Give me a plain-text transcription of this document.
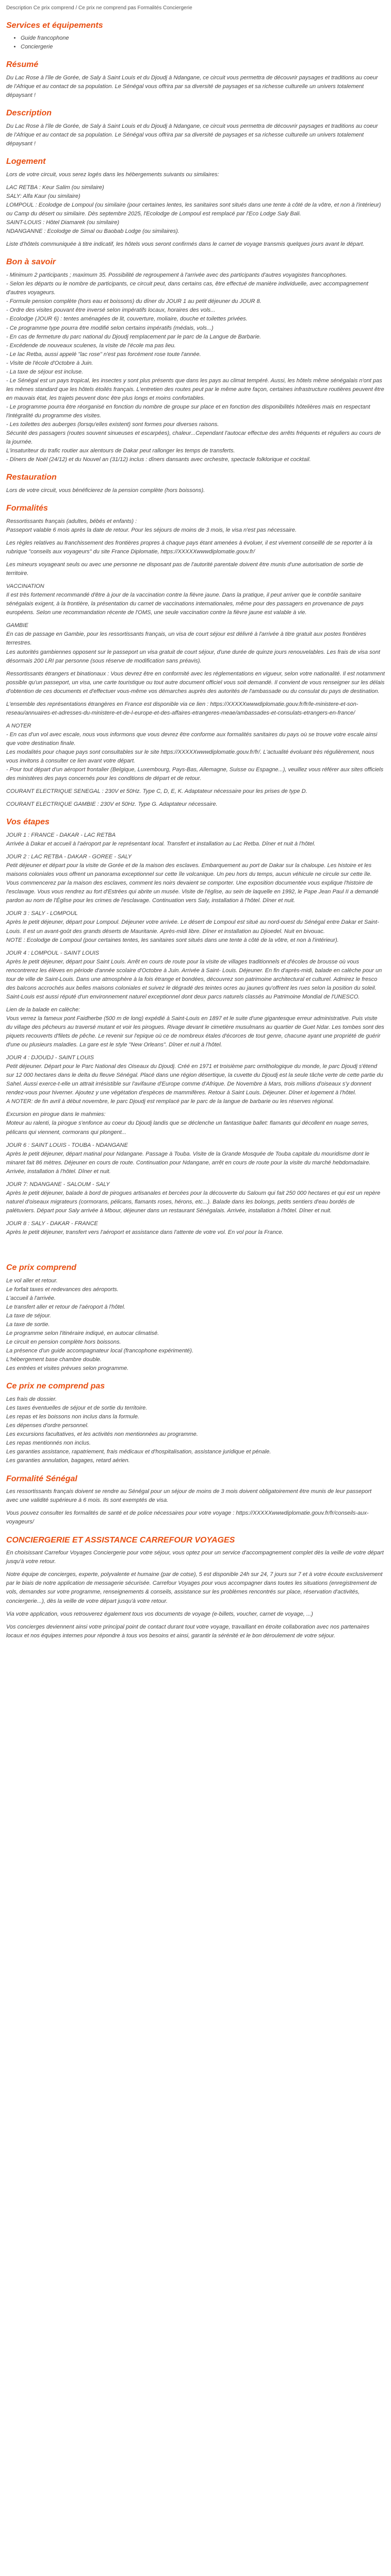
Description Ce prix comprend / Ce prix ne comprend pas Formalités Conciergerie
Services et équipements
• Guide francophone
• Conciergerie
Résumé

Du Lac Rose à l'île de Gorée, de Saly à Saint Louis et du Djoudj à Ndangane, ce circuit vous permettra de découvrir paysages et traditions au coeur de l'Afrique et au contact de sa population. Le Sénégal vous offrira par sa diversité de paysages et sa richesse culturelle un univers totalement dépaysant !

Description

Du Lac Rose à l'île de Gorée, de Saly à Saint Louis et du Djoudj à Ndangane, ce circuit vous permettra de découvrir paysages et traditions au coeur de l'Afrique et au contact de sa population. Le Sénégal vous offrira par sa diversité de paysages et sa richesse culturelle un univers totalement dépaysant !

Logement

Lors de votre circuit, vous serez logés dans les hébergements suivants ou similaires:

LAC RETBA : Keur Salim (ou similaire)
SALY: Alfa Kaur (ou similaire)
LOMPOUL : Ecolodge de Lompoul (ou similaire (pour certaines lentes, les sanitaires sont situés dans une tente à côté de la vôtre, et non à l'intérieur) ou Camp du désert ou similaire. Dès septembre 2025, l'Ecolodge de Lompoul est remplacé par l'Eco Lodge Saly Bali.
SAINT-LOUIS : Hôtel Diamarek (ou similaire)
NDANGANNE : Ecolodge de Simal ou Baobab Lodge (ou similaires).

Liste d'hôtels communiquée à titre indicatif, les hôtels vous seront confirmés dans le carnet de voyage transmis quelques jours avant le départ.

Bon à savoir

- Minimum 2 participants ; maximum 35. Possibilité de regroupement à l'arrivée avec des participants d'autres voyagistes francophones.
- Selon les départs ou le nombre de participants, ce circuit peut, dans certains cas, être effectué de manière individuelle, avec accompagnement d'autres voyageurs.
- Formule pension complète (hors eau et boissons) du dîner du JOUR 1 au petit déjeuner du JOUR 8.
- Ordre des visites pouvant être inversé selon impératifs locaux, horaires des vols...
- Ecolodge (JOUR 6) : tentes aménagées de lit, couverture, moliaire, douche et toilettes privées.
- Ce programme type pourra être modifié selon certains impératifs (médais, vols...)
- En cas de fermeture du parc national du Djoudj remplacement par le parc de la Langue de Barbarie.
- Excédende de nouveaux sculenes, la visite de l'école ma pas lieu.
- Le lac Retba, aussi appelé "lac rose" n'est pas forcément rose toute l'année.
- Visite de l'école d'Octobre à Juin.
- La taxe de séjour est incluse.
- Le Sénégal est un pays tropical, les insectes y sont plus présents que dans les pays au climat tempéré. Aussi, les hôtels même sénégalais n'ont pas les mêmes standard que les hôtels étoilés français. L'entretien des routes peut par le même autre façon, certaines infrastructure routières peuvent être en mauvais état, les trajets peuvent donc être plus longs et moins confortables.
- Le programme pourra être réorganisé en fonction du nombre de groupe sur place et en fonction des disponibilités hôtelières mais en respectant l'intégralité du programme des visites.
- Les toilettes des auberges (lorsqu'elles existent) sont formes pour diverses raisons.
Sécurité des passagers (routes souvent sinueuses et escarpées), chaleur...Cependant l'autocar effectue des arrêts fréquents et réguliers au cours de la journée.
L'insaturiteur du trafic routier aux alentours de Dakar peut rallonger les temps de transferts.
- Dîners de Noël (24/12) et du Nouvel an (31/12) inclus : dîners dansants avec orchestre, spectacle folklorique et cocktail.

Restauration

Lors de votre circuit, vous bénéficierez de la pension complète (hors boissons).

Formalités

Ressortissants français (adultes, bébés et enfants) :
Passeport valable 6 mois après la date de retour. Pour les séjours de moins de 3 mois, le visa n'est pas nécessaire.

Les règles relatives au franchissement des frontières propres à chaque pays étant amenées à évoluer, il est vivement conseillé de se reporter à la rubrique "conseils aux voyageurs" du site France Diplomatie, https://XXXXXwwwdiplomatie.gouv.fr/

Les mineurs voyageant seuls ou avec une personne ne disposant pas de l'autorité parentale doivent être munis d'une autorisation de sortie de territoire.

VACCINATION
Il est très fortement recommandé d'être à jour de la vaccination contre la fièvre jaune. Dans la pratique, il peut arriver que le contrôle sanitaire sénégalais exigent, à la frontière, la présentation du carnet de vaccinations internationales, même pour des passagers en provenance de pays européens. Selon une recommandation récente de l'OMS, une seule vaccination contre la fièvre jaune est valable à vie.

GAMBIE
En cas de passage en Gambie, pour les ressortissants français, un visa de court séjour est délivré à l'arrivée à titre gratuit aux postes frontières terrestres.
Les autorités gambiennes opposent sur le passeport un visa gratuit de court séjour, d'une durée de quinze jours renouvelables. Les frais de visa sont désormais 200 LRI par personne (sous réserve de modification sans préavis).

Ressortissants étrangers et binationaux : Vous devrez être en conformité avec les réglementations en vigueur, selon votre nationalité. Il est notamment possible qu'un passeport, un visa, une carte touristique ou tout autre document officiel vous soit demandé. Il convient de vous renseigner sur les délais d'obtention de ces documents et d'effectuer vous-même vos démarches auprès des autorités de l'ambassade ou du consulat du pays de destination.

L'ensemble des représentations étrangères en France est disponible via ce lien : https://XXXXXwwwdiplomatie.gouv.fr/fr/le-ministere-et-son-reseau/annuaires-et-adresses-du-ministere-et-de-l-europe-et-des-affaires-etrangeres-meae/ambassades-et-consulats-etrangers-en-france/

A NOTER
- En cas d'un vol avec escale, nous vous informons que vous devrez être conforme aux formalités sanitaires du pays où se trouve votre escale ainsi que votre destination finale.
Les modalités pour chaque pays sont consultables sur le site https://XXXXXwwwdiplomatie.gouv.fr/fr/. L'actualité évoluant très régulièrement, nous vous invitons à consulter ce lien avant votre départ.
- Pour tout départ d'un aéroport frontalier (Belgique, Luxembourg, Pays-Bas, Allemagne, Suisse ou Espagne...), veuillez vous référer aux sites officiels des ministères des pays concernés pour les conditions de départ et de retour.

COURANT ELECTRIQUE SENEGAL : 230V et 50Hz. Type C, D, E, K. Adaptateur nécessaire pour les prises de type D.

COURANT ELECTRIQUE GAMBIE : 230V et 50Hz. Type G. Adaptateur nécessaire.

Vos étapes

JOUR 1 : FRANCE - DAKAR - LAC RETBA
Arrivée à Dakar et accueil à l'aéroport par le représentant local. Transfert et installation au Lac Retba. Dîner et nuit à l'hôtel.

JOUR 2 : LAC RETBA - DAKAR - GOREE - SALY
Petit déjeuner et départ pour la visite de Gorée et de la maison des esclaves. Embarquement au port de Dakar sur la chaloupe. Les histoire et les maisons coloniales vous offrent un panorama exceptionnel sur cette île volcanique. Un peu hors du temps, aucun véhicule ne circule sur cette île. Vous commencerez par la maison des esclaves, comment les noirs devaient se comporter. Une exposition documentée vous explique l'histoire de l'esclavage. Vous vous rendrez au fort d'Estrées qui abrite un musée. Visite de l'église, au sein de laquelle en 1992, le Pape Jean Paul II a demandé pardon au nom de l'Église pour les crimes de l'esclavage. Continuation vers Saly, installation à l'hôtel. Dîner et nuit.

JOUR 3 : SALY - LOMPOUL
Après le petit déjeuner, départ pour Lompoul. Déjeuner votre arrivée. Le désert de Lompoul est situé au nord-ouest du Sénégal entre Dakar et Saint-Louis. Il est un avant-goût des grands déserts de Mauritanie. Après-midi libre. Dîner et installation au Djioedel. Nuit en bivouac.
NOTE : Ecolodge de Lompoul (pour certaines tentes, les sanitaires sont situés dans une tente à côté de la vôtre, et non à l'intérieur).

JOUR 4 : LOMPOUL - SAINT LOUIS
Après le petit déjeuner, départ pour Saint Louis. Arrêt en cours de route pour la visite de villages traditionnels et d'écoles de brousse où vous rencontrerez les élèves en période d'année scolaire d'Octobre à Juin. Arrivée à Saint- Louis. Déjeuner. En fin d'après-midi, balade en calèche pour un tour de ville de Saint-Louis. Dans une atmosphère à la fois étrange et bondées, découvrez son patrimoine architectural et culturel. Admirez le fresco des balcons accrochés aux belles maisons coloniales et suivez le dégradé des teintes ocres au jaunes qu'offrent les rues selon la position du soleil. Saint-Louis est aussi réputé d'un environnement naturel exceptionnel dont deux parcs naturels classés au Patrimoine Mondial de l'UNESCO.

Lien de la balade en calèche:
Vous verrez la fameux pont Faidherbe (500 m de long) expédié à Saint-Louis en 1897 et le suite d'une gigantesque erreur administrative. Puis visite du village des pêcheurs au traversé mutant et voir les pirogues. Rivage devant le cimetière musulmans au quartier de Guet Ndar. Les tombes sont des piquets recouverts d'filets de pêche. Le revenir sur l'epique où ce de nombreux étales d'écorces de tout genre, chacune ayant une propriété de guérir d'une ou plusieurs maladies. La gare est le style "New Orleans". Dîner et nuit à l'hôtel.

JOUR 4 : DJOUDJ - SAINT LOUIS
Petit déjeuner. Départ pour le Parc National des Oiseaux du Djoudj. Créé en 1971 et troisième parc ornithologique du monde, le parc Djoudj s'étend sur 12 000 hectares dans le delta du fleuve Sénégal. Placé dans une région désertique, la cuvette du Djoudj est la seule tâche verte de cette partie du Sahel. Aussi exerce-t-elle un attrait irrésistible sur l'avifaune d'Europe comme d'Afrique. De Novembre à Mars, trois millions d'oiseaux s'y donnent rendez-vous pour hiverner. Ajoutez y une végétation d'espèces de mammifères. Retour à Saint Louis. Déjeuner. Dîner et logement à l'hôtel.
A NOTER: de fin avril à début novembre, le parc Djoudj est remplacé par le parc de la langue de barbarie ou les réserves régional.

Excursion en pirogue dans le mahmies:
Moteur au ralenti, la pirogue s'enfonce au coeur du Djoudj landis que se déclenche un fantastique ballet: flamants qui décollent en nuage serres, pélicans qui viennent, cormorans qui plongent...

JOUR 6 : SAINT LOUIS - TOUBA - NDANGANE
Après le petit déjeuner, départ matinal pour Ndangane. Passage à Touba. Visite de la Grande Mosquée de Touba capitale du mouridisme dont le minaret fait 86 mètres. Déjeuner en cours de route. Continuation pour Ndangane, arrêt en cours de route pour la visite du marché hebdomadaire. Arrivée, installation à l'hôtel. Dîner et nuit.

JOUR 7: NDANGANE - SALOUM - SALY
Après le petit déjeuner, balade à bord de pirogues artisanales et bercées pour la découverte du Saloum qui fait 250 000 hectares et qui est un repère naturel d'oiseaux migrateurs (cormorans, pélicans, flamants roses, hérons, etc...). Balade dans les bolongs, petits sentiers d'eau bordés de palétuviers. Départ pour Saly arrivée à Mbour, déjeuner dans un restaurant Sénégalais. Arrivée, installation à l'hôtel. Dîner et nuit.

JOUR 8 : SALY - DAKAR - FRANCE
Après le petit déjeuner, transfert vers l'aéroport et assistance dans l'attente de votre vol. En vol pour la France.

Ce prix comprend

Le vol aller et retour.
Le forfait taxes et redevances des aéroports.
L'accueil à l'arrivée.
Le transfert aller et retour de l'aéroport à l'hôtel.
La taxe de séjour.
La taxe de sortie.
Le programme selon l'itinéraire indiqué, en autocar climatisé.
Le circuit en pension complète hors boissons.
La présence d'un guide accompagnateur local (francophone expérimenté).
L'hébergement base chambre double.
Les entrées et visites prévues selon programme.

Ce prix ne comprend pas

Les frais de dossier.
Les taxes éventuelles de séjour et de sortie du territoire.
Les repas et les boissons non inclus dans la formule.
Les dépenses d'ordre personnel.
Les excursions facultatives, et les activités non mentionnées au programme.
Les repas mentionnés non inclus.
Les garanties assistance, rapatriement, frais médicaux et d'hospitalisation, assistance juridique et pénale.
Les garanties annulation, bagages, retard aérien.

Formalité Sénégal

Les ressortissants français doivent se rendre au Sénégal pour un séjour de moins de 3 mois doivent obligatoirement être munis de leur passeport avec une validité supérieure à 6 mois. Ils sont exemptés de visa.

Vous pouvez consulter les formalités de santé et de police nécessaires pour votre voyage : https://XXXXXwwwdiplomatie.gouv.fr/fr/conseils-aux-voyageurs/

CONCIERGERIE ET ASSISTANCE CARREFOUR VOYAGES

En choisissant Carrefour Voyages Conciergerie pour votre séjour, vous optez pour un service d'accompagnement complet dès la veille de votre départ jusqu'à votre retour.

Notre équipe de concierges, experte, polyvalente et humaine (par de cotse), 5 est disponible 24h sur 24, 7 jours sur 7 et à votre écoute exclusivement par le biais de notre application de messagerie sécurisée. Carrefour Voyages pour vous accompagner dans toutes les situations (enregistrement de vols, demandes sur votre programme, renseignements & conseils, assistance sur les problèmes rencontrés sur place, réservation d'activités, conciergerie...), dès la veille de votre départ jusqu'à votre retour.

Via votre application, vous retrouverez également tous vos documents de voyage (e-billets, voucher, carnet de voyage, ...)

Vos concierges deviennent ainsi votre principal point de contact durant tout votre voyage, travaillant en étroite collaboration avec nos partenaires locaux et nos équipes internes pour répondre à tous vos besoins et ainsi, garantir la sérénité et le bon déroulement de votre séjour.
